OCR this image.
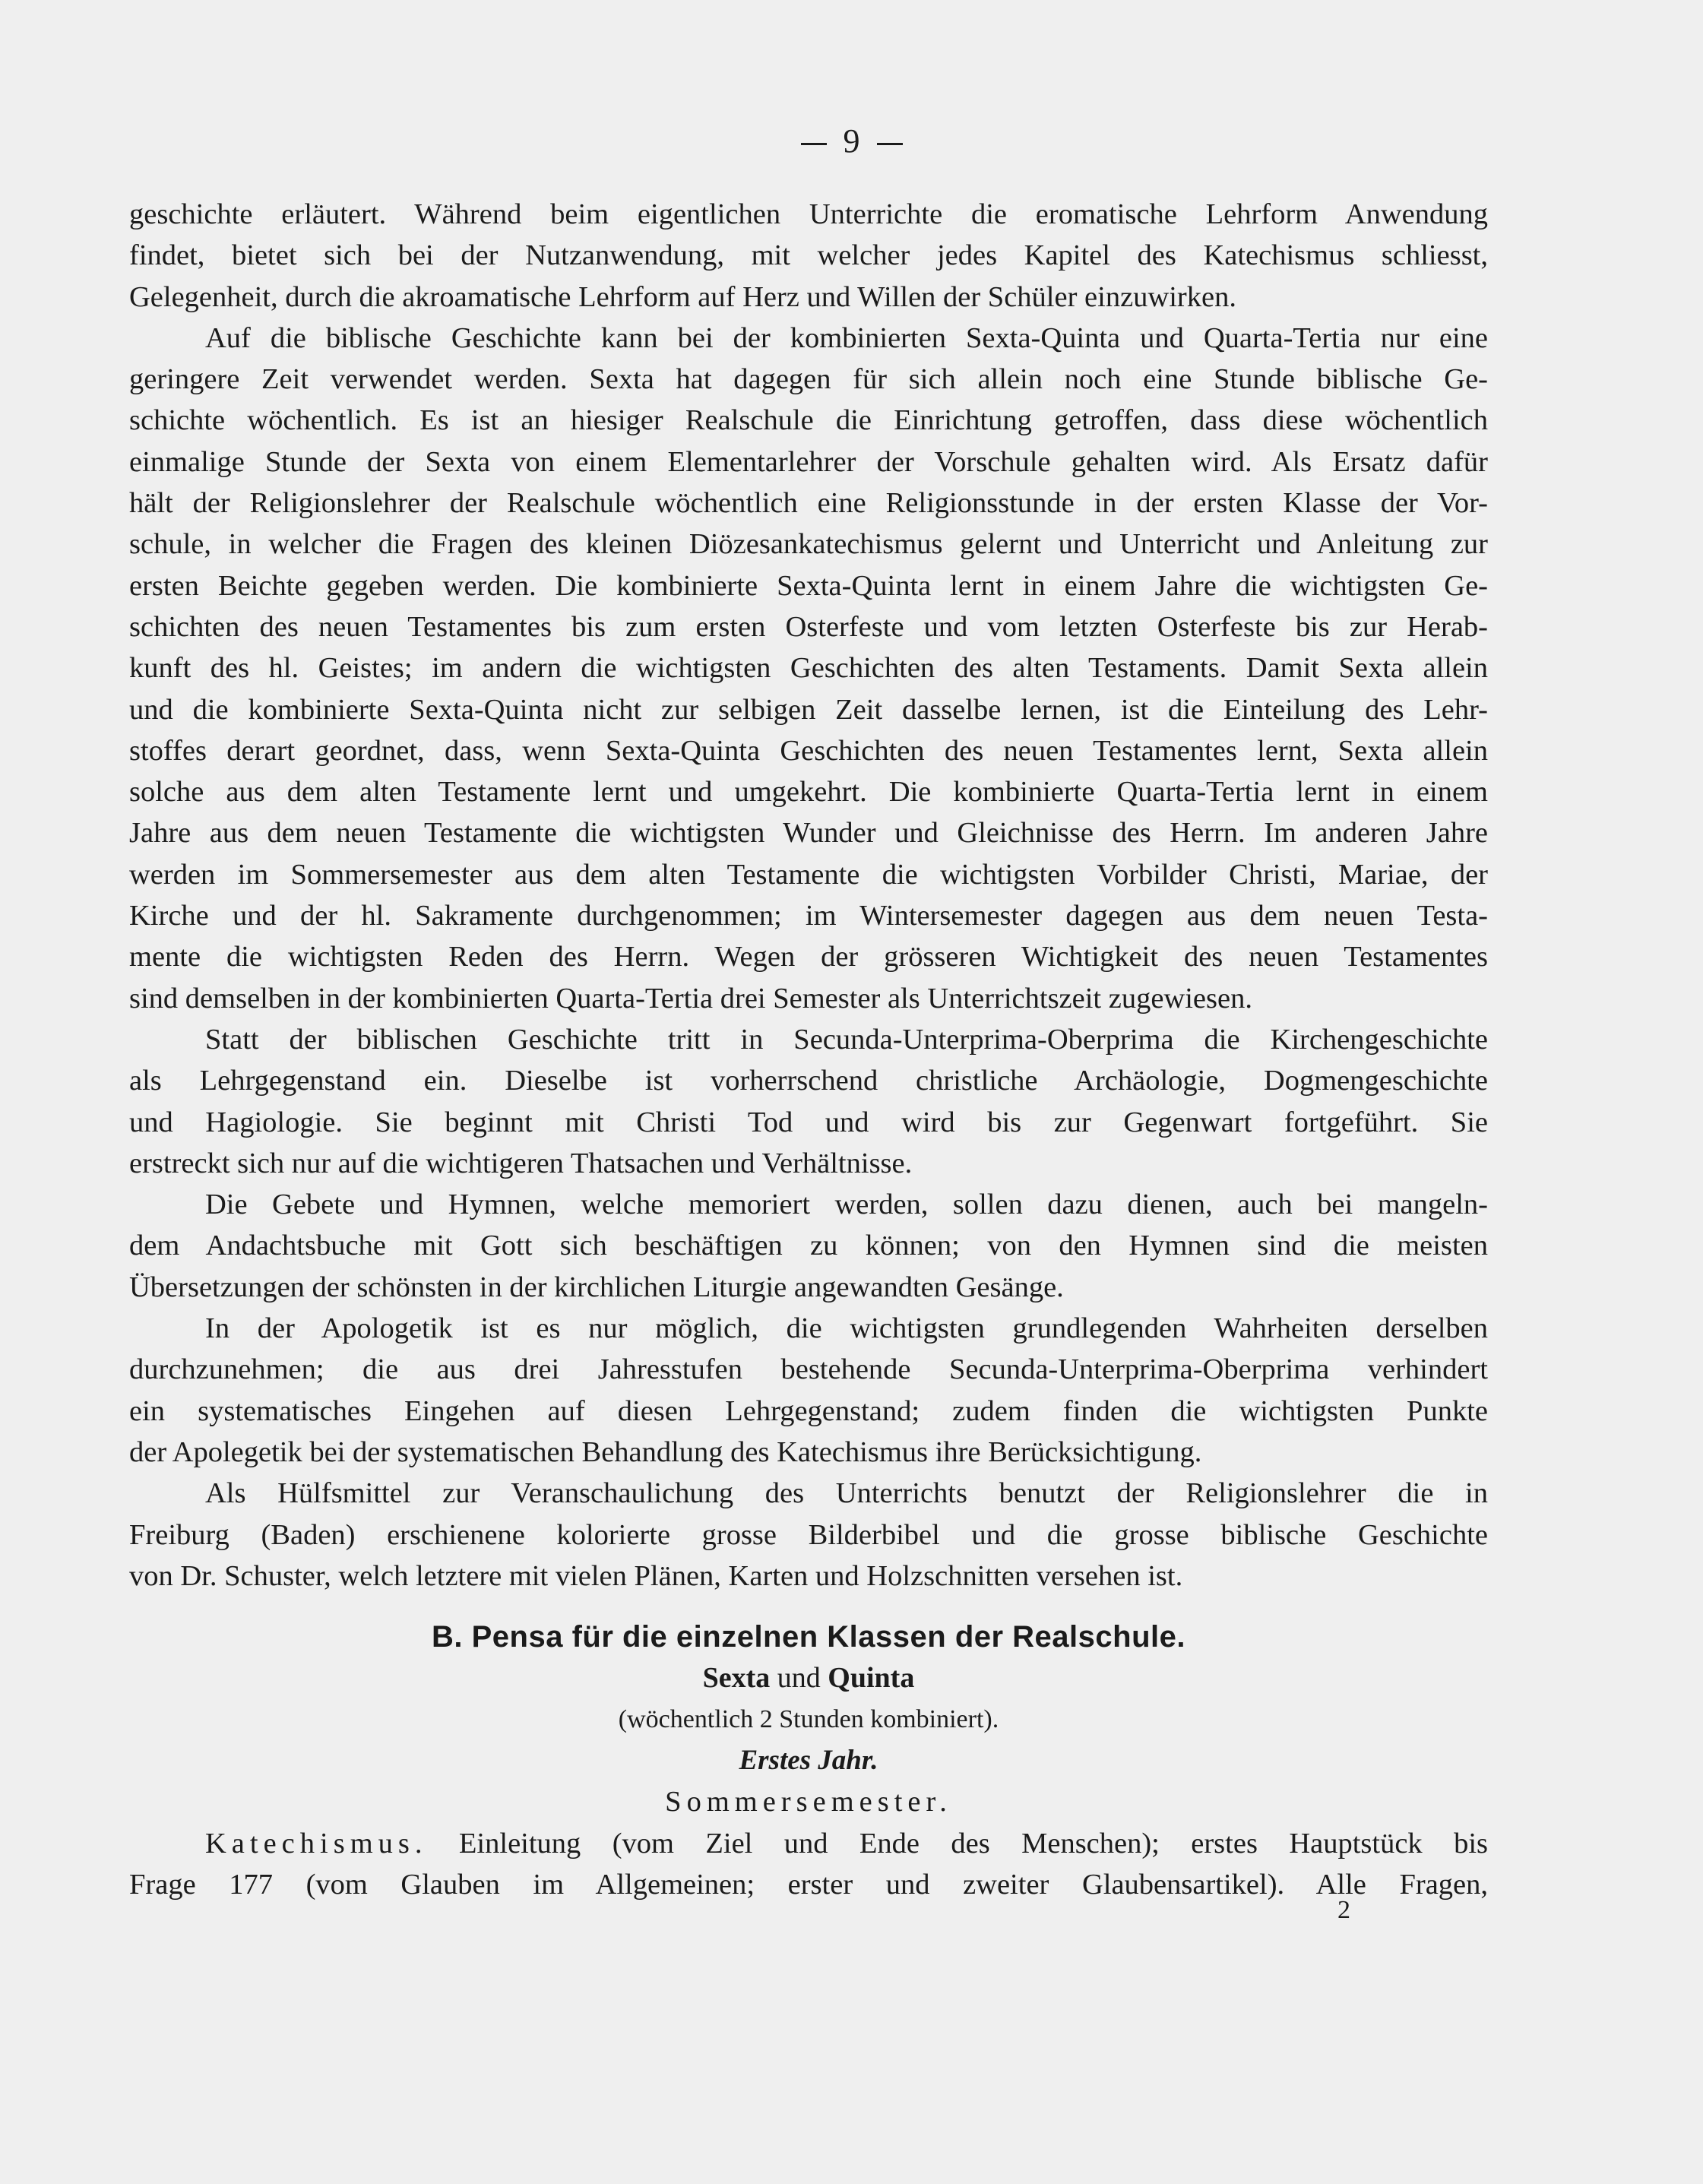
9
geschichte erläutert. Während beim eigentlichen Unterrichte die eromatische Lehrform Anwendung
findet, bietet sich bei der Nutzanwendung, mit welcher jedes Kapitel des Katechismus schliesst,
Gelegenheit, durch die akroamatische Lehrform auf Herz und Willen der Schüler einzuwirken.
Auf die biblische Geschichte kann bei der kombinierten Sexta-Quinta und Quarta-Tertia nur eine
geringere Zeit verwendet werden. Sexta hat dagegen für sich allein noch eine Stunde biblische Ge-
schichte wöchentlich. Es ist an hiesiger Realschule die Einrichtung getroffen, dass diese wöchentlich
einmalige Stunde der Sexta von einem Elementarlehrer der Vorschule gehalten wird. Als Ersatz dafür
hält der Religionslehrer der Realschule wöchentlich eine Religionsstunde in der ersten Klasse der Vor-
schule, in welcher die Fragen des kleinen Diözesankatechismus gelernt und Unterricht und Anleitung zur
ersten Beichte gegeben werden. Die kombinierte Sexta-Quinta lernt in einem Jahre die wichtigsten Ge-
schichten des neuen Testamentes bis zum ersten Osterfeste und vom letzten Osterfeste bis zur Herab-
kunft des hl. Geistes; im andern die wichtigsten Geschichten des alten Testaments. Damit Sexta allein
und die kombinierte Sexta-Quinta nicht zur selbigen Zeit dasselbe lernen, ist die Einteilung des Lehr-
stoffes derart geordnet, dass, wenn Sexta-Quinta Geschichten des neuen Testamentes lernt, Sexta allein
solche aus dem alten Testamente lernt und umgekehrt. Die kombinierte Quarta-Tertia lernt in einem
Jahre aus dem neuen Testamente die wichtigsten Wunder und Gleichnisse des Herrn. Im anderen Jahre
werden im Sommersemester aus dem alten Testamente die wichtigsten Vorbilder Christi, Mariae, der
Kirche und der hl. Sakramente durchgenommen; im Wintersemester dagegen aus dem neuen Testa-
mente die wichtigsten Reden des Herrn. Wegen der grösseren Wichtigkeit des neuen Testamentes
sind demselben in der kombinierten Quarta-Tertia drei Semester als Unterrichtszeit zugewiesen.
Statt der biblischen Geschichte tritt in Secunda-Unterprima-Oberprima die Kirchengeschichte
als Lehrgegenstand ein. Dieselbe ist vorherrschend christliche Archäologie, Dogmengeschichte
und Hagiologie. Sie beginnt mit Christi Tod und wird bis zur Gegenwart fortgeführt. Sie
erstreckt sich nur auf die wichtigeren Thatsachen und Verhältnisse.
Die Gebete und Hymnen, welche memoriert werden, sollen dazu dienen, auch bei mangeln-
dem Andachtsbuche mit Gott sich beschäftigen zu können; von den Hymnen sind die meisten
Übersetzungen der schönsten in der kirchlichen Liturgie angewandten Gesänge.
In der Apologetik ist es nur möglich, die wichtigsten grundlegenden Wahrheiten derselben
durchzunehmen; die aus drei Jahresstufen bestehende Secunda-Unterprima-Oberprima verhindert
ein systematisches Eingehen auf diesen Lehrgegenstand; zudem finden die wichtigsten Punkte
der Apolegetik bei der systematischen Behandlung des Katechismus ihre Berücksichtigung.
Als Hülfsmittel zur Veranschaulichung des Unterrichts benutzt der Religionslehrer die in
Freiburg (Baden) erschienene kolorierte grosse Bilderbibel und die grosse biblische Geschichte
von Dr. Schuster, welch letztere mit vielen Plänen, Karten und Holzschnitten versehen ist.
B. Pensa für die einzelnen Klassen der Realschule.
Sexta und Quinta
(wöchentlich 2 Stunden kombiniert).
Erstes Jahr.
Sommersemester.
Katechismus. Einleitung (vom Ziel und Ende des Menschen); erstes Hauptstück bis
Frage 177 (vom Glauben im Allgemeinen; erster und zweiter Glaubensartikel). Alle Fragen,
2
